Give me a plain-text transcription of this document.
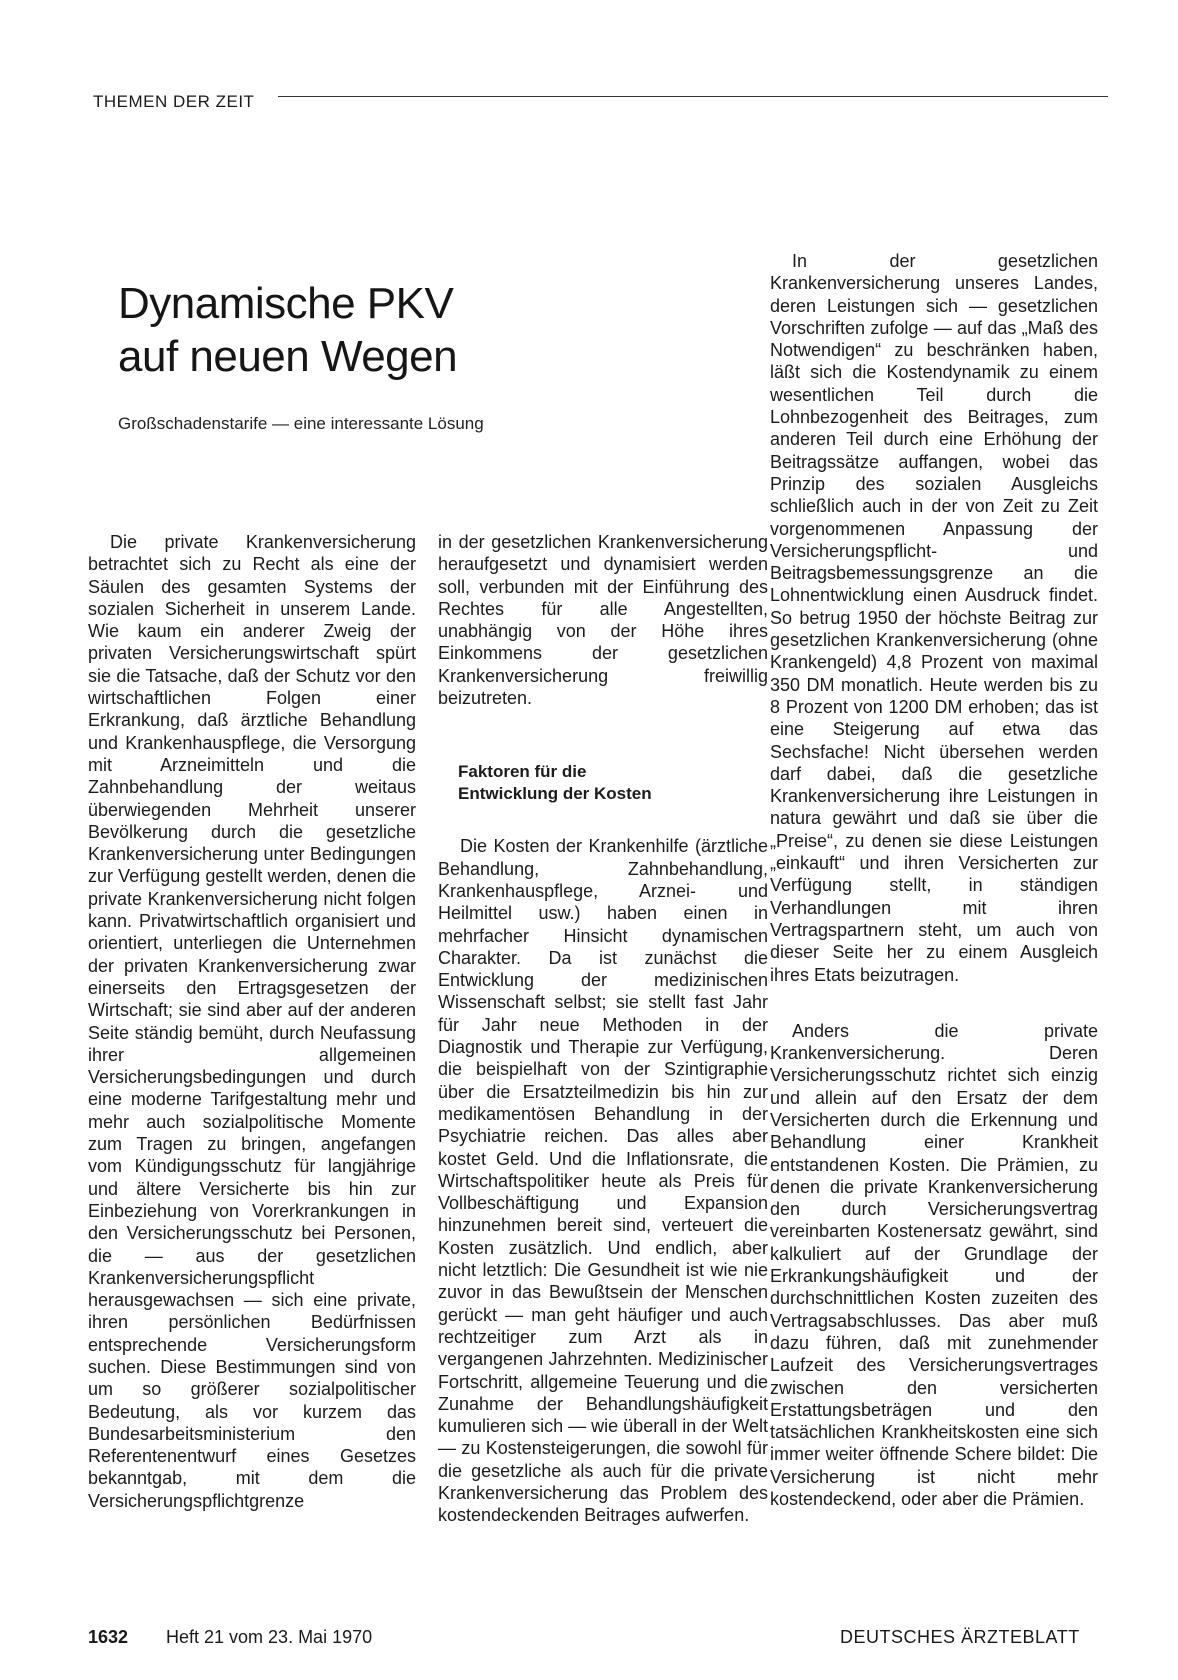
THEMEN DER ZEIT
Dynamische PKV
auf neuen Wegen
Großschadenstarife — eine interessante Lösung

Die private Krankenversicherung betrachtet sich zu Recht als eine der Säulen des gesamten Systems der sozialen Sicherheit in unserem Lande. Wie kaum ein anderer Zweig der privaten Versicherungswirtschaft spürt sie die Tatsache, daß der Schutz vor den wirtschaftlichen Folgen einer Erkrankung, daß ärztliche Behandlung und Krankenhauspflege, die Versorgung mit Arzneimitteln und die Zahnbehandlung der weitaus überwiegenden Mehrheit unserer Bevölkerung durch die gesetzliche Krankenversicherung unter Bedingungen zur Verfügung gestellt werden, denen die private Krankenversicherung nicht folgen kann. Privatwirtschaftlich organisiert und orientiert, unterliegen die Unternehmen der privaten Krankenversicherung zwar einerseits den Ertragsgesetzen der Wirtschaft; sie sind aber auf der anderen Seite ständig bemüht, durch Neufassung ihrer allgemeinen Versicherungsbedingungen und durch eine moderne Tarifgestaltung mehr und mehr auch sozialpolitische Momente zum Tragen zu bringen, angefangen vom Kündigungsschutz für langjährige und ältere Versicherte bis hin zur Einbeziehung von Vorerkrankungen in den Versicherungsschutz bei Personen, die — aus der gesetzlichen Krankenversicherungspflicht herausgewachsen — sich eine private, ihren persönlichen Bedürfnissen entsprechende Versicherungsform suchen. Diese Bestimmungen sind von um so größerer sozialpolitischer Bedeutung, als vor kurzem das Bundesarbeitsministerium den Referentenentwurf eines Gesetzes bekanntgab, mit dem die Versicherungspflichtgrenze

in der gesetzlichen Krankenversicherung heraufgesetzt und dynamisiert werden soll, verbunden mit der Einführung des Rechtes für alle Angestellten, unabhängig von der Höhe ihres Einkommens der gesetzlichen Krankenversicherung freiwillig beizutreten.

Faktoren für die
Entwicklung der Kosten

Die Kosten der Krankenhilfe (ärztliche Behandlung, Zahnbehandlung, Krankenhauspflege, Arznei- und Heilmittel usw.) haben einen in mehrfacher Hinsicht dynamischen Charakter. Da ist zunächst die Entwicklung der medizinischen Wissenschaft selbst; sie stellt fast Jahr für Jahr neue Methoden in der Diagnostik und Therapie zur Verfügung, die beispielhaft von der Szintigraphie über die Ersatzteilmedizin bis hin zur medikamentösen Behandlung in der Psychiatrie reichen. Das alles aber kostet Geld. Und die Inflationsrate, die Wirtschaftspolitiker heute als Preis für Vollbeschäftigung und Expansion hinzunehmen bereit sind, verteuert die Kosten zusätzlich. Und endlich, aber nicht letztlich: Die Gesundheit ist wie nie zuvor in das Bewußtsein der Menschen gerückt — man geht häufiger und auch rechtzeitiger zum Arzt als in vergangenen Jahrzehnten. Medizinischer Fortschritt, allgemeine Teuerung und die Zunahme der Behandlungshäufigkeit kumulieren sich — wie überall in der Welt — zu Kostensteigerungen, die sowohl für die gesetzliche als auch für die private Krankenversicherung das Problem des kostendeckenden Beitrages aufwerfen.

In der gesetzlichen Krankenversicherung unseres Landes, deren Leistungen sich — gesetzlichen Vorschriften zufolge — auf das „Maß des Notwendigen“ zu beschränken haben, läßt sich die Kostendynamik zu einem wesentlichen Teil durch die Lohnbezogenheit des Beitrages, zum anderen Teil durch eine Erhöhung der Beitragssätze auffangen, wobei das Prinzip des sozialen Ausgleichs schließlich auch in der von Zeit zu Zeit vorgenommenen Anpassung der Versicherungspflicht- und Beitragsbemessungsgrenze an die Lohnentwicklung einen Ausdruck findet. So betrug 1950 der höchste Beitrag zur gesetzlichen Krankenversicherung (ohne Krankengeld) 4,8 Prozent von maximal 350 DM monatlich. Heute werden bis zu 8 Prozent von 1200 DM erhoben; das ist eine Steigerung auf etwa das Sechsfache! Nicht übersehen werden darf dabei, daß die gesetzliche Krankenversicherung ihre Leistungen in natura gewährt und daß sie über die „Preise“, zu denen sie diese Leistungen „einkauft“ und ihren Versicherten zur Verfügung stellt, in ständigen Verhandlungen mit ihren Vertragspartnern steht, um auch von dieser Seite her zu einem Ausgleich ihres Etats beizutragen.

Anders die private Krankenversicherung. Deren Versicherungsschutz richtet sich einzig und allein auf den Ersatz der dem Versicherten durch die Erkennung und Behandlung einer Krankheit entstandenen Kosten. Die Prämien, zu denen die private Krankenversicherung den durch Versicherungsvertrag vereinbarten Kostenersatz gewährt, sind kalkuliert auf der Grundlage der Erkrankungshäufigkeit und der durchschnittlichen Kosten zuzeiten des Vertragsabschlusses. Das aber muß dazu führen, daß mit zunehmender Laufzeit des Versicherungsvertrages zwischen den versicherten Erstattungsbeträgen und den tatsächlichen Krankheitskosten eine sich immer weiter öffnende Schere bildet: Die Versicherung ist nicht mehr kostendeckend, oder aber die Prämien.

1632 Heft 21 vom 23. Mai 1970	DEUTSCHES ÄRZTEBLATT
